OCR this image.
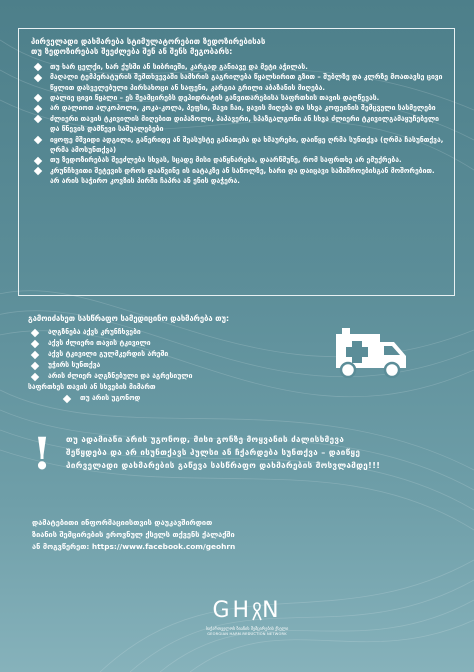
პირველადი დახმარება სტიმულატორებით ზედოზირებისას
თუ ზედოზირებას შეეძლება შენ ან შენს მეგობარს:
თუ ხარ ცელქი, ხარ ქუსში ან სიბრიეში, კარგად განიავე და მეტი აჭილას.
მაღალი ტემპერატურის შემთხვევაში სამხრის გაგრილება წყალსირით გზით – შუბლზე და კლრზე მოათავსე ცივი წყლით დასველებული პირსახოცი ან საფენი, კარგია გრილი აბაზანის მიღება.
დალიე ცივი წყალი – ეს შეამცირებს დეჰიდრატის განვითარებისა საფრთხის თავის დაღწევას.
არ დალიოთ ალკოჰოლი, კოკა-კოლა, პეფსი, შავი ჩაი, ყავის მიღება და სხვა კოფეინის შემცველი სასმელები
ძლიერი თავის ტკივილის მიღებით დიპაზოლი, პაპავერი, სპაზგალგონი ან სხვა ძლიერი ტკივილგამაყუჩებელი და წნევის დამწევი საშუალებები
იყოფე მშვიდი ადგილი, განერიდე ან შეასუსტე განათება და ხმაურები, დაიწყე ღრმა სუნთქვა (ღრმა ჩასუნთქვა, ღრმა ამოსუნთქვა)
თუ ზედოზირებას შეეძლება სხვას, სცადე მისი დაწყნარება, დაარწმუნე, რომ საფრთხე არ ემუქრება.
კრუნჩხვითი შეტევის დროს დააწვინე ის იატაკზე ან საწოლზე, ხარი და დაიცავი საშიშროებისგან მოშორებით. არ არის საჭირო კოვზის პირში ჩაპრა ან ენის დაჭერა.
გამოიძახეთ სასწრაფო სამედიცინო დახმარება თუ:
აღგზნება აქვს კრუნჩხვები
აქვს ძლიერი თავის ტკივილი
აქვს ტკივილი გულმკერდის არეში
უჭირს სუნთქვა
არის ძლიერ აღგზნებული და აგრესიული
საფრთხეს თავის ან სხვების მიმართ
თუ არის უგონოდ
! თუ ადამიანი არის უგონოდ, მისი გონზე მოყვანის ძალისხმევა
შეწყდება და არ ისუნთქავს ჰულსი ან ჩქარდება სუნთქვა – დაიწყე
პირველადი დახმარების გაწევა სასწრაფო დახმარების მოსვლამდე!!!
დამატებითი ინფორმაციისთვის დაუკავშირდით
ზიანის შემცირების ეროვნულ ქსელს თქვენს ქალაქში
ან მოგვწერეთ: https://www.facebook.com/geohrn
G H N
საქართველოს ზიანის შემცირების ქსელი
GEORGIAN HARM REDUCTION NETWORK
